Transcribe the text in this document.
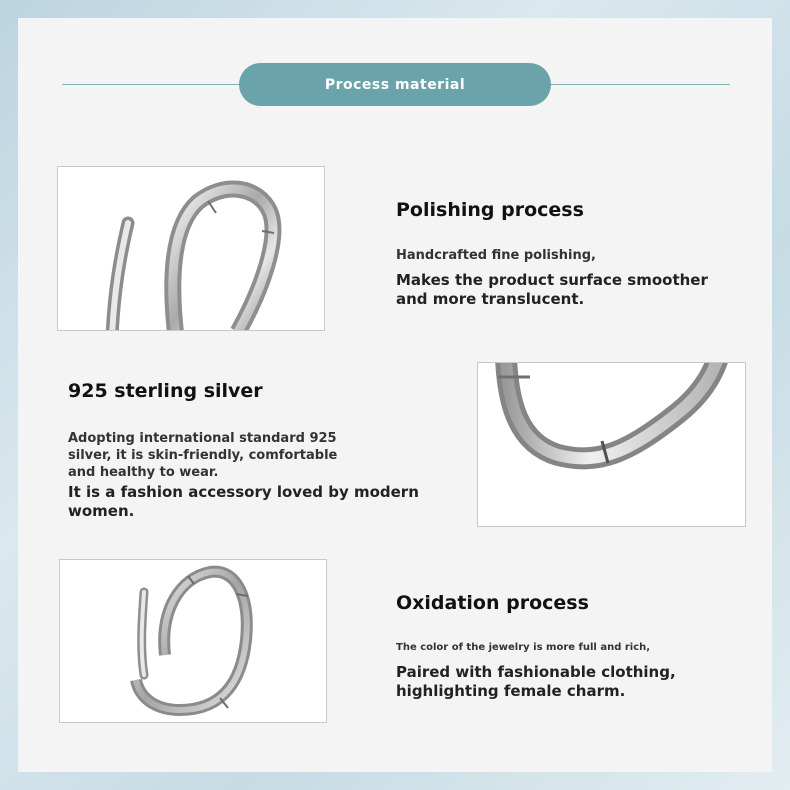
Process material
Polishing process
Handcrafted fine polishing,
Makes the product surface smoother
and more translucent.
925 sterling silver
Adopting international standard 925
silver, it is skin-friendly, comfortable
and healthy to wear.
It is a fashion accessory loved by modern
women.
Oxidation process
The color of the jewelry is more full and rich,
Paired with fashionable clothing,
highlighting female charm.
